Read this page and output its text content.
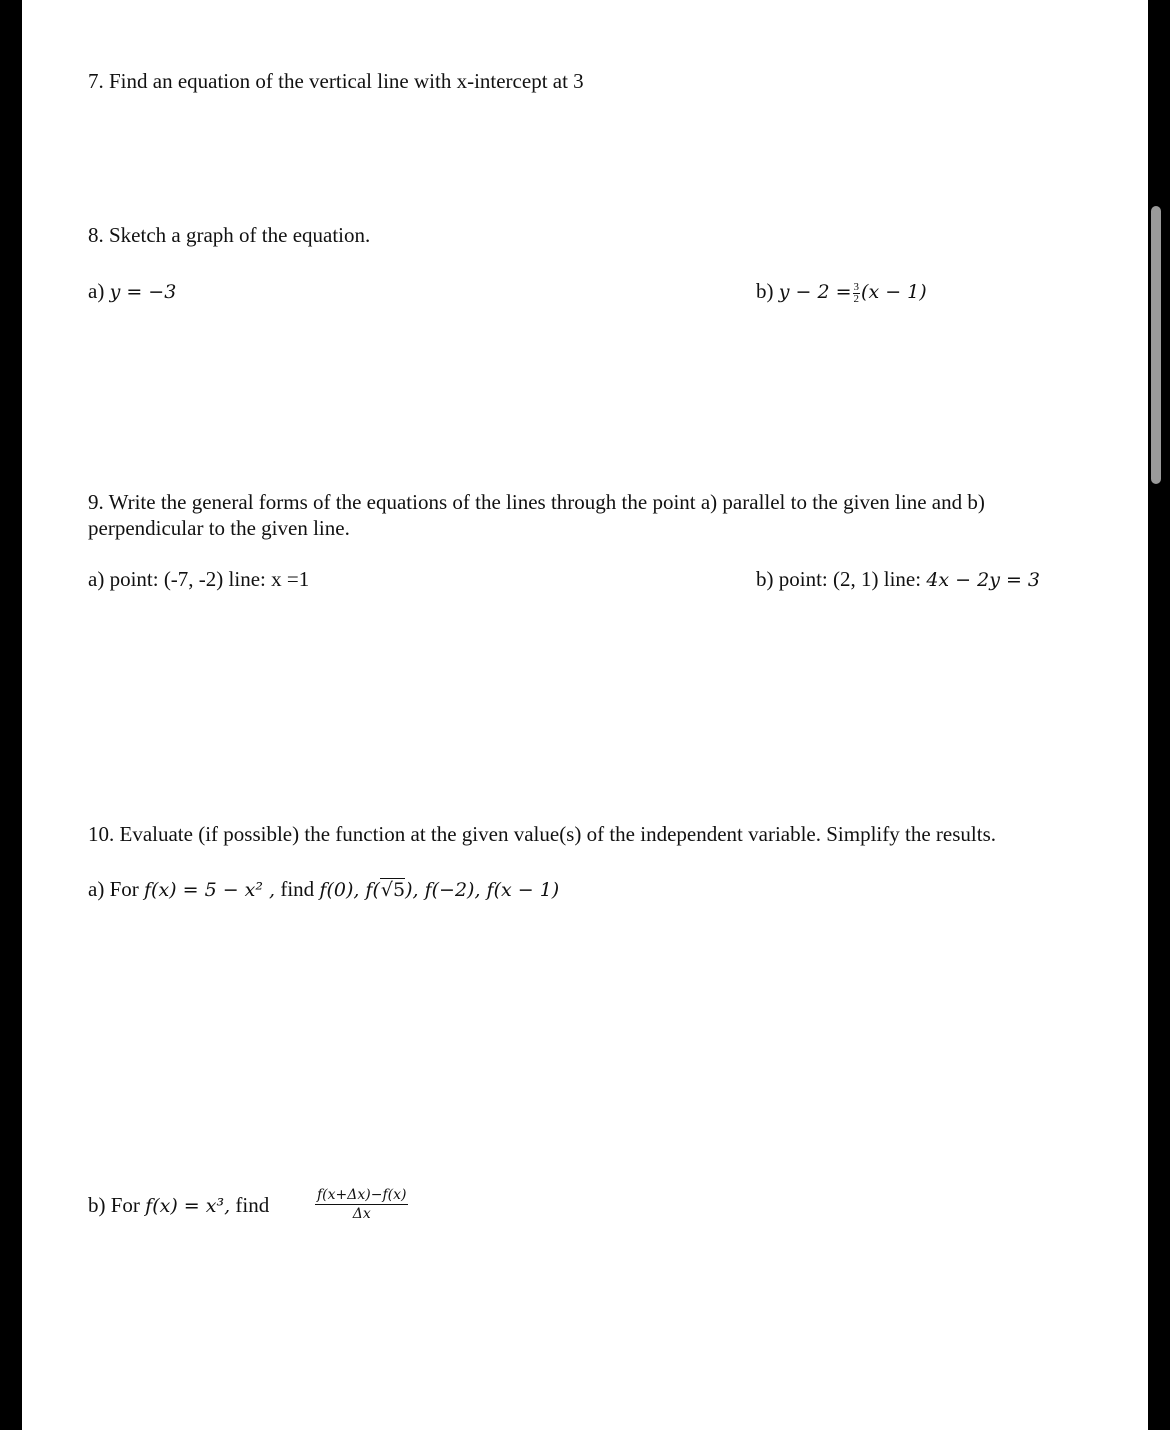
7. Find an equation of the vertical line with x-intercept at 3
8. Sketch a graph of the equation.
a) y = −3	b) $y - 2 = \frac{3}{2} (x - 1)$
9. Write the general forms of the equations of the lines through the point a) parallel to the given line and b)
perpendicular to the given line.
a) point: (-7, -2) line: x =1	b) point: (2, 1) line: 4x − 2y = 3
10. Evaluate (if possible) the function at the given value(s) of the independent variable. Simplify the results.
a) For f(x) = 5 − x² , find f(0), f(√5), f(−2), f(x − 1)
b) For f(x) = x³, find	$\frac{f(x+\Delta x)-f(x)}{\Delta x}$
